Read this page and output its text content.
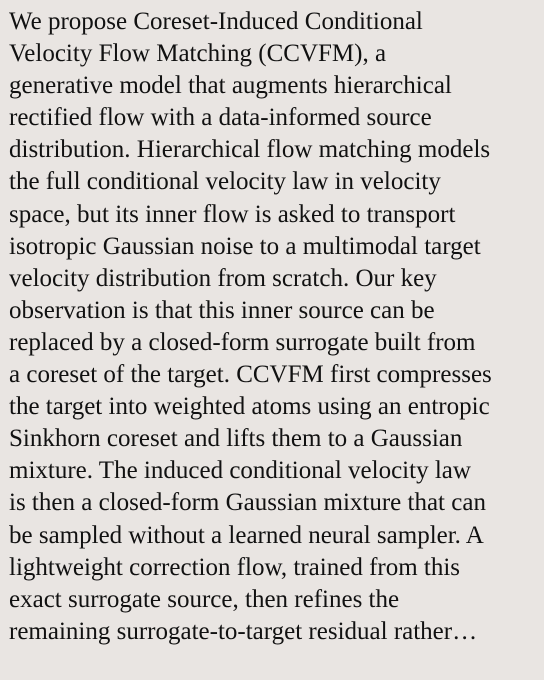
We propose Coreset-Induced Conditional
Velocity Flow Matching (CCVFM), a
generative model that augments hierarchical
rectified flow with a data-informed source
distribution. Hierarchical flow matching models
the full conditional velocity law in velocity
space, but its inner flow is asked to transport
isotropic Gaussian noise to a multimodal target
velocity distribution from scratch. Our key
observation is that this inner source can be
replaced by a closed-form surrogate built from
a coreset of the target. CCVFM first compresses
the target into weighted atoms using an entropic
Sinkhorn coreset and lifts them to a Gaussian
mixture. The induced conditional velocity law
is then a closed-form Gaussian mixture that can
be sampled without a learned neural sampler. A
lightweight correction flow, trained from this
exact surrogate source, then refines the
remaining surrogate-to-target residual rather…
